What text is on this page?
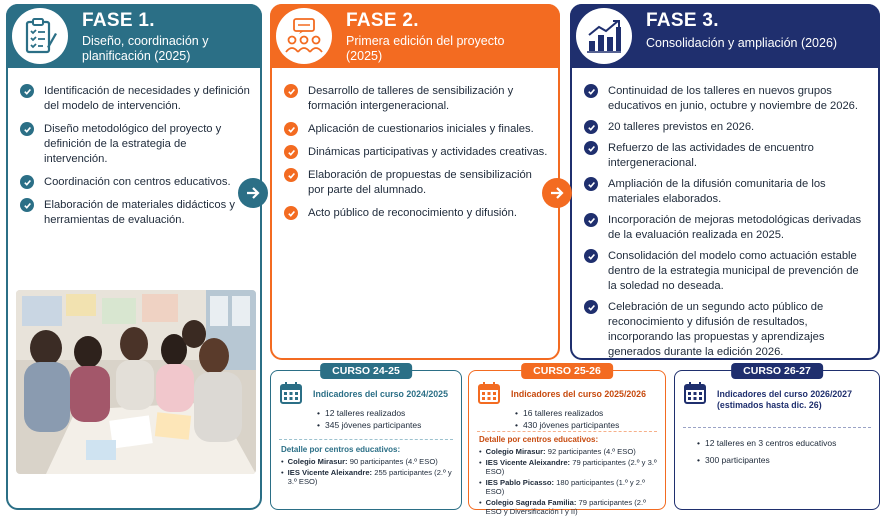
FASE 1.
Diseño, coordinación y planificación (2025)
Identificación de necesidades y definición del modelo de intervención.
Diseño metodológico del proyecto y definición de la estrategia de intervención.
Coordinación con centros educativos.
Elaboración de materiales didácticos y herramientas de evaluación.
FASE 2.
Primera edición del proyecto (2025)
Desarrollo de talleres de sensibilización y formación intergeneracional.
Aplicación de cuestionarios iniciales y finales.
Dinámicas participativas y actividades creativas.
Elaboración de propuestas de sensibilización por parte del alumnado.
Acto público de reconocimiento y difusión.
FASE 3.
Consolidación y ampliación (2026)
Continuidad de los talleres en nuevos grupos educativos en junio, octubre y noviembre de 2026.
20 talleres previstos en 2026.
Refuerzo de las actividades de encuentro intergeneracional.
Ampliación de la difusión comunitaria de los materiales elaborados.
Incorporación de mejoras metodológicas derivadas de la evaluación realizada en 2025.
Consolidación del modelo como actuación estable dentro de la estrategia municipal de prevención de la soledad no deseada.
Celebración de un segundo acto público de reconocimiento y difusión de resultados, incorporando las propuestas y aprendizajes generados durante la edición 2026.
CURSO 24-25
Indicadores del curso 2024/2025
• 12 talleres realizados
• 345 jóvenes participantes
Detalle por centros educativos:
• Colegio Mirasur: 90 participantes (4.º ESO)
• IES Vicente Aleixandre: 255 participantes (2.º y 3.º ESO)
CURSO 25-26
Indicadores del curso 2025/2026
• 16 talleres realizados
• 430 jóvenes participantes
Detalle por centros educativos:
• Colegio Mirasur: 92 participantes (4.º ESO)
• IES Vicente Aleixandre: 79 participantes (2.º y 3.º ESO)
• IES Pablo Picasso: 180 participantes (1.º y 2.º ESO)
• Colegio Sagrada Familia: 79 participantes (2.º ESO y Diversificación I y II)
CURSO 26-27
Indicadores del curso 2026/2027 (estimados hasta dic. 26)
• 12 talleres en 3 centros educativos
• 300 participantes
